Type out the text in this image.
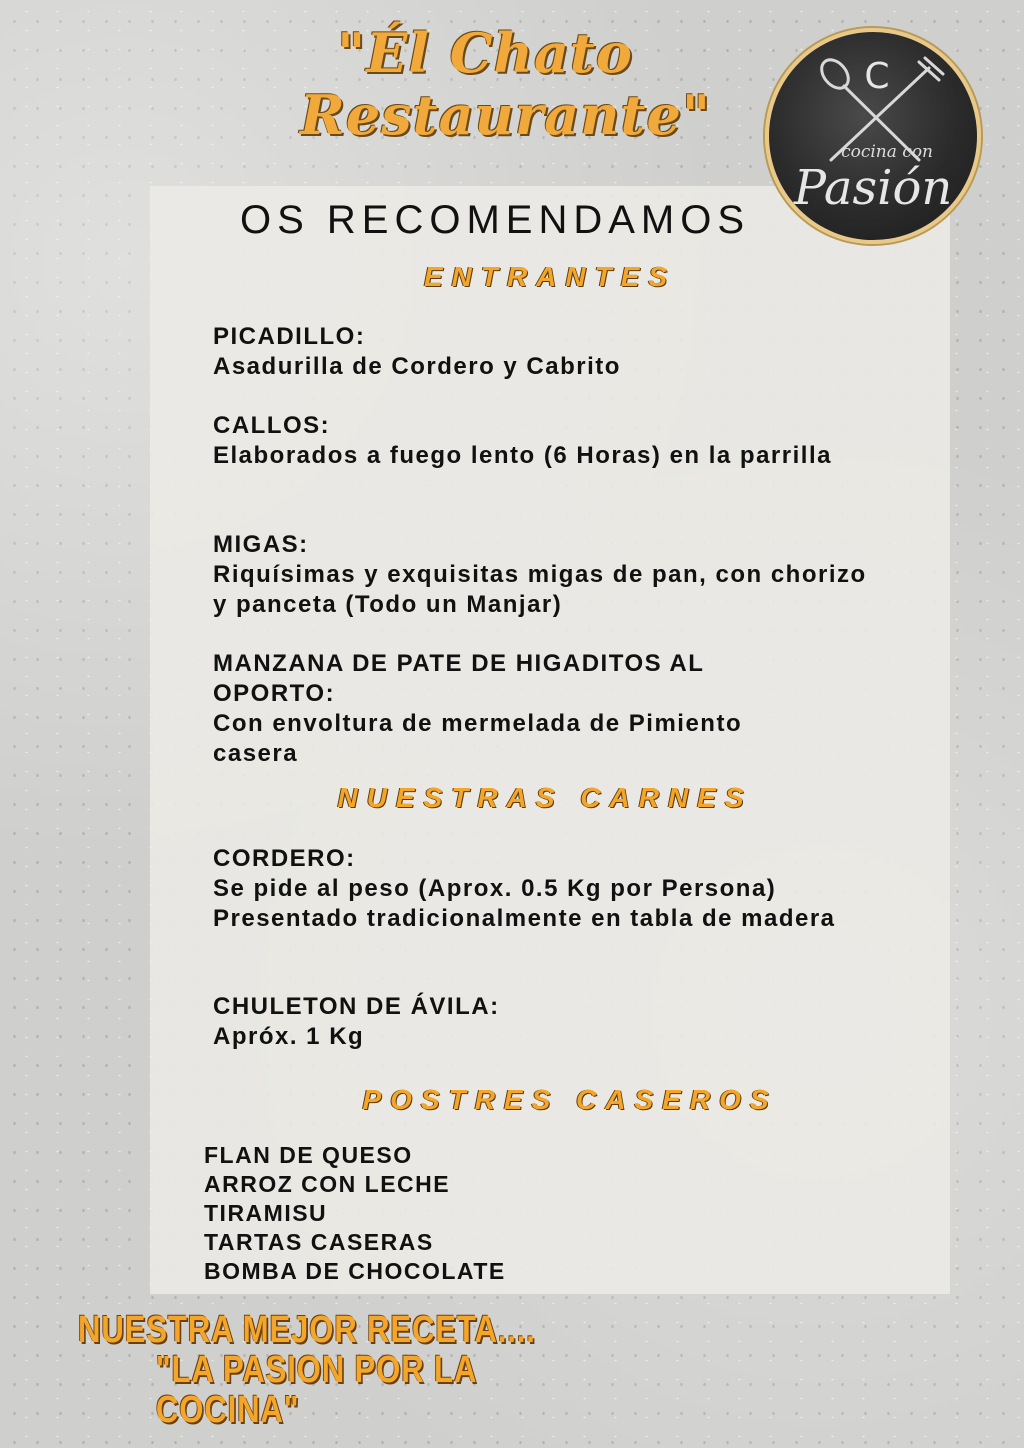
"Él Chato
Restaurante"
C
cocina con
Pasión
OS RECOMENDAMOS
ENTRANTES
PICADILLO:
Asadurilla de Cordero y Cabrito
CALLOS:
Elaborados a fuego lento (6 Horas) en la parrilla
MIGAS:
Riquísimas y exquisitas migas de pan, con chorizo y panceta (Todo un Manjar)
MANZANA DE PATE DE HIGADITOS AL OPORTO:
Con envoltura de mermelada de Pimiento casera
NUESTRAS CARNES
CORDERO:
Se pide al peso (Aprox. 0.5 Kg por Persona) Presentado tradicionalmente en tabla de madera
CHULETON DE ÁVILA:
Apróx. 1 Kg
POSTRES CASEROS
FLAN DE QUESO
ARROZ CON LECHE
TIRAMISU
TARTAS CASERAS
BOMBA DE CHOCOLATE
NUESTRA MEJOR RECETA....
"LA PASION POR LA COCINA"
